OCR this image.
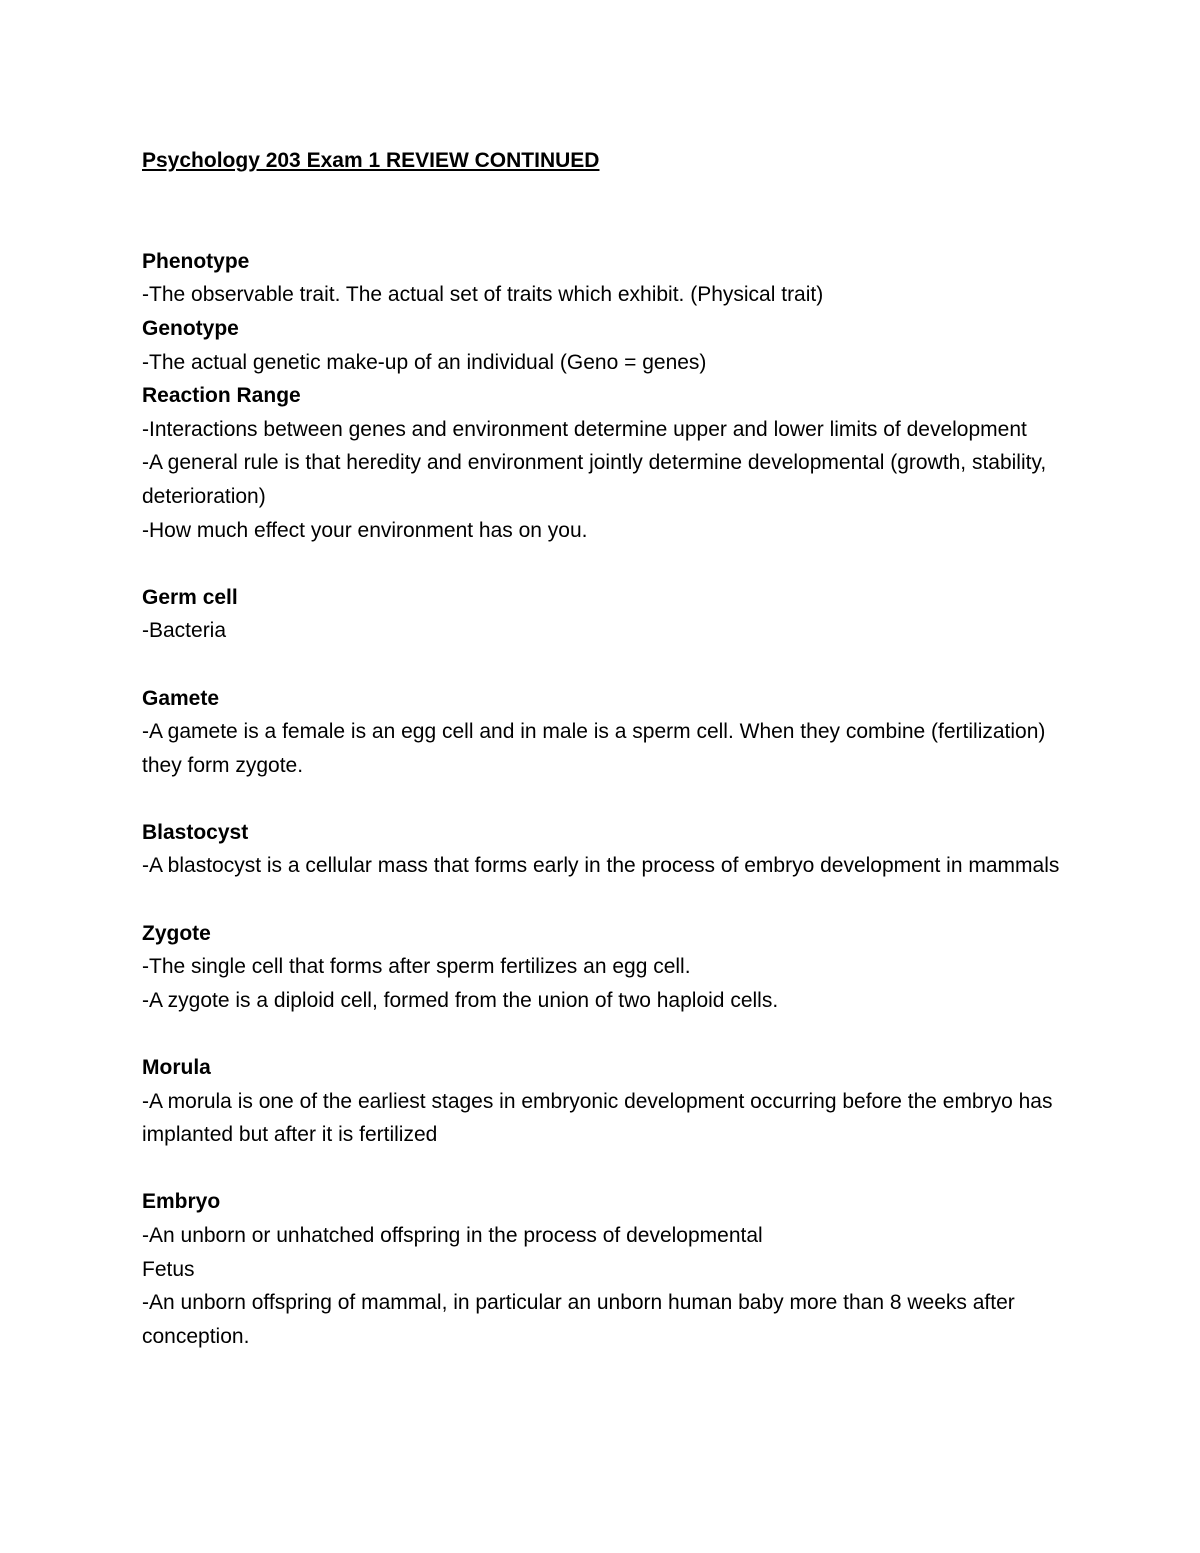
Psychology 203 Exam 1 REVIEW CONTINUED

Phenotype

-The observable trait. The actual set of traits which exhibit. (Physical trait)

Genotype

-The actual genetic make-up of an individual (Geno = genes)

Reaction Range

-Interactions between genes and environment determine upper and lower limits of development

-A general rule is that heredity and environment jointly determine developmental (growth, stability, deterioration)

-How much effect your environment has on you.

Germ cell

-Bacteria

Gamete

-A gamete is a female is an egg cell and in male is a sperm cell. When they combine (fertilization) they form zygote.

Blastocyst

-A blastocyst is a cellular mass that forms early in the process of embryo development in mammals

Zygote

-The single cell that forms after sperm fertilizes an egg cell.

-A zygote is a diploid cell, formed from the union of two haploid cells.

Morula

-A morula is one of the earliest stages in embryonic development occurring before the embryo has implanted but after it is fertilized

Embryo

-An unborn or unhatched offspring in the process of developmental

Fetus

-An unborn offspring of mammal, in particular an unborn human baby more than 8 weeks after conception.
